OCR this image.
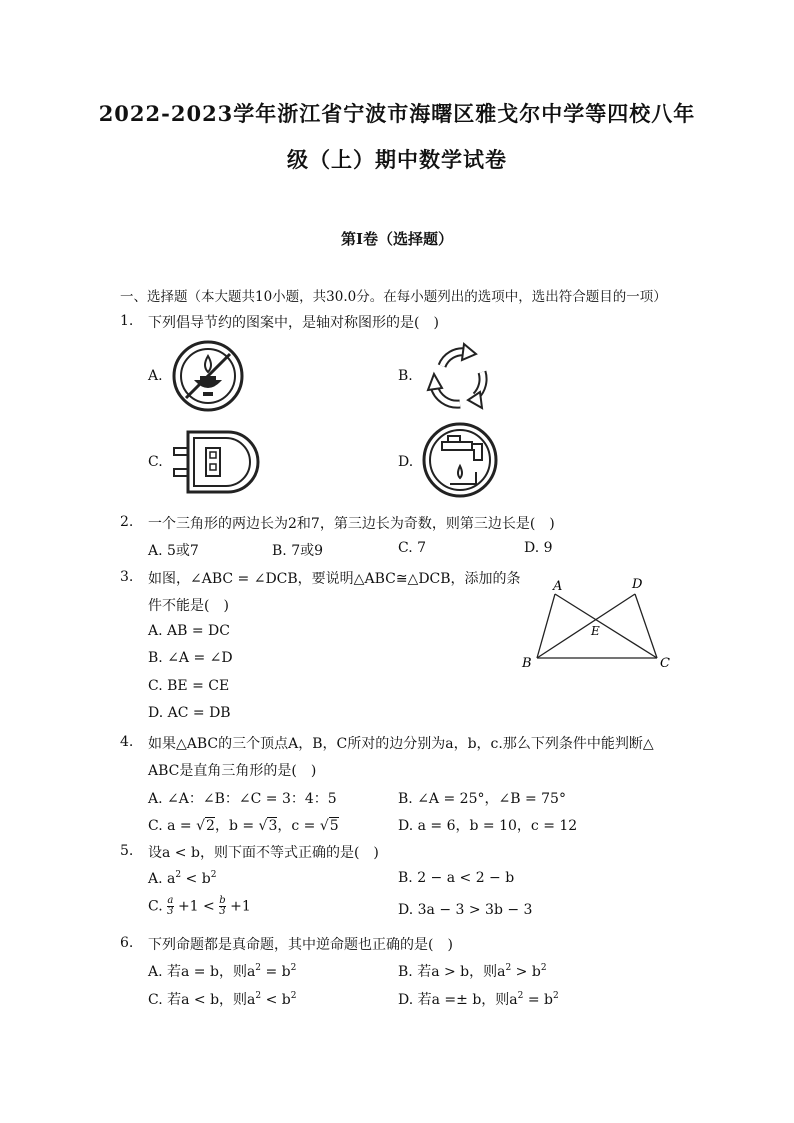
2022-2023学年浙江省宁波市海曙区雅戈尔中学等四校八年
级（上）期中数学试卷
第Ⅰ卷（选择题）
一、选择题（本大题共10小题，共30.0分。在每小题列出的选项中，选出符合题目的一项）
1. 下列倡导节约的图案中，是轴对称图形的是(　)
A.	B.
C.	D.
2. 一个三角形的两边长为2和7，第三边长为奇数，则第三边长是(　)
A. 5或7	B. 7或9	C. 7	D. 9
3. 如图，∠ABC = ∠DCB，要说明△ABC≅△DCB，添加的条
件不能是(　)
A. AB = DC
B. ∠A = ∠D
C. BE = CE
D. AC = DB
A	D
E
B	C
4. 如果△ABC的三个顶点A，B，C所对的边分别为a，b，c.那么下列条件中能判断△
ABC是直角三角形的是(　)
A. ∠A：∠B：∠C = 3：4：5	B. ∠A = 25°，∠B = 75°
C. a = √2，b = √3，c = √5	D. a = 6，b = 10，c = 12
5. 设a < b，则下面不等式正确的是(　)
A. $a^2 < b^2$	B. 2 − a < 2 − b
C. $\frac{a}{3} +1 < \frac{b}{3} +1$	D. 3a − 3 > 3b − 3
6. 下列命题都是真命题，其中逆命题也正确的是(　)
A. 若a = b，则$a^2 = b^2$	B. 若a > b，则$a^2 > b^2$
C. 若a < b，则$a^2 < b^2$	D. 若a =± b，则$a^2 = b^2$
